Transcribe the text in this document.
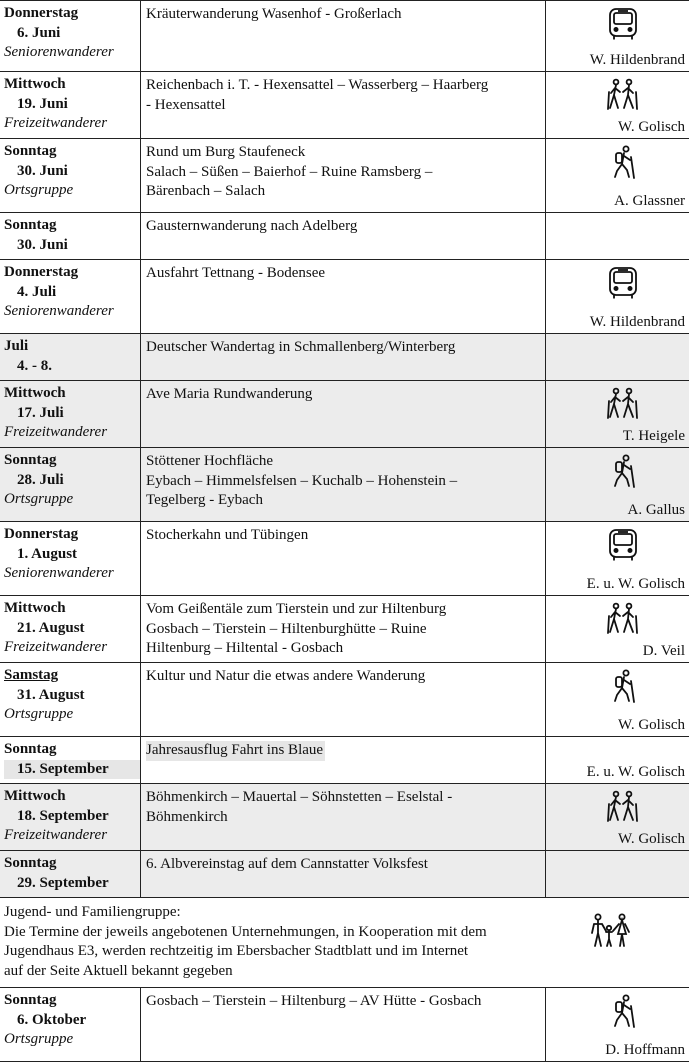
Donnerstag
6. Juni
Seniorenwanderer
Kräuterwanderung Wasenhof - Großerlach
W. Hildenbrand
Mittwoch
19. Juni
Freizeitwanderer
Reichenbach i. T. - Hexensattel – Wasserberg – Haarberg
- Hexensattel
W. Golisch
Sonntag
30. Juni
Ortsgruppe
Rund um Burg Staufeneck
Salach – Süßen – Baierhof – Ruine Ramsberg –
Bärenbach – Salach
A. Glassner
Sonntag
30. Juni
Gausternwanderung nach Adelberg
Donnerstag
4. Juli
Seniorenwanderer
Ausfahrt Tettnang - Bodensee
W. Hildenbrand
Juli
4. - 8.
Deutscher Wandertag in Schmallenberg/Winterberg
Mittwoch
17. Juli
Freizeitwanderer
Ave Maria Rundwanderung
T. Heigele
Sonntag
28. Juli
Ortsgruppe
Stöttener Hochfläche
Eybach – Himmelsfelsen – Kuchalb – Hohenstein –
Tegelberg - Eybach
A. Gallus
Donnerstag
1. August
Seniorenwanderer
Stocherkahn und Tübingen
E. u. W. Golisch
Mittwoch
21. August
Freizeitwanderer
Vom Geißentäle zum Tierstein und zur Hiltenburg
Gosbach – Tierstein – Hiltenburghütte – Ruine
Hiltenburg – Hiltental - Gosbach	D. Veil
Samstag
31. August
Ortsgruppe
Kultur und Natur die etwas andere Wanderung
W. Golisch
Sonntag
15. September
Jahresausflug Fahrt ins Blaue
E. u. W. Golisch
Mittwoch
18. September
Freizeitwanderer
Böhmenkirch – Mauertal – Söhnstetten – Eselstal -
Böhmenkirch
W. Golisch
Sonntag
29. September
6. Albvereinstag auf dem Cannstatter Volksfest
Jugend- und Familiengruppe:
Die Termine der jeweils angebotenen Unternehmungen, in Kooperation mit dem
Jugendhaus E3, werden rechtzeitig im Ebersbacher Stadtblatt und im Internet
auf der Seite Aktuell bekannt gegeben
Sonntag
6. Oktober
Ortsgruppe
Gosbach – Tierstein – Hiltenburg – AV Hütte - Gosbach
D. Hoffmann
